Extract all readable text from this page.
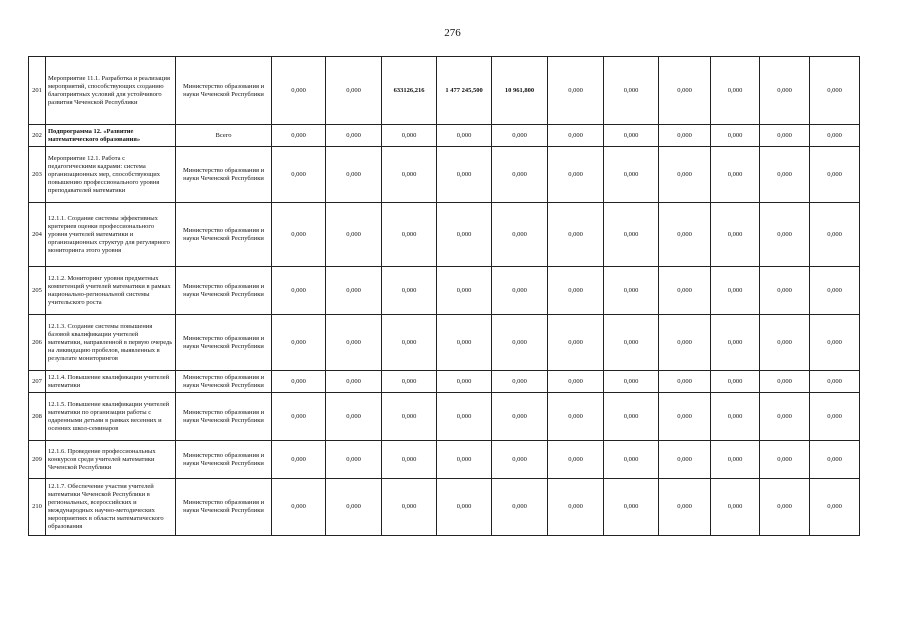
276
201	Мероприятие 11.1. Разработка и реализация мероприятий, способствующих созданию благоприятных условий для устойчивого развития Чеченской Республики	Министерство образования и науки Чеченской Республики	0,000	0,000	633126,216	1 477 245,500	10 961,800	0,000	0,000	0,000	0,000	0,000	0,000
202	Подпрограмма 12. «Развитие математического образования»	Всего	0,000	0,000	0,000	0,000	0,000	0,000	0,000	0,000	0,000	0,000	0,000
203	Мероприятие 12.1. Работа с педагогическими кадрами: система организационных мер, способствующих повышению профессионального уровня преподавателей математики	Министерство образования и науки Чеченской Республики	0,000	0,000	0,000	0,000	0,000	0,000	0,000	0,000	0,000	0,000	0,000
204	12.1.1. Создание системы эффективных критериев оценки профессионального уровня учителей математики и организационных структур для регулярного мониторинга этого уровня	Министерство образования и науки Чеченской Республики	0,000	0,000	0,000	0,000	0,000	0,000	0,000	0,000	0,000	0,000	0,000
205	12.1.2. Мониторинг уровня предметных компетенций учителей математики в рамках национально-региональной системы учительского роста	Министерство образования и науки Чеченской Республики	0,000	0,000	0,000	0,000	0,000	0,000	0,000	0,000	0,000	0,000	0,000
206	12.1.3. Создание системы повышения базовой квалификации учителей математики, направленной в первую очередь на ликвидацию пробелов, выявленных в результате мониторингов	Министерство образования и науки Чеченской Республики	0,000	0,000	0,000	0,000	0,000	0,000	0,000	0,000	0,000	0,000	0,000
207	12.1.4. Повышение квалификации учителей математики	Министерство образования и науки Чеченской Республики	0,000	0,000	0,000	0,000	0,000	0,000	0,000	0,000	0,000	0,000	0,000
208	12.1.5. Повышение квалификации учителей математики по организации работы с одаренными детьми в рамках весенних и осенних школ-семинаров	Министерство образования и науки Чеченской Республики	0,000	0,000	0,000	0,000	0,000	0,000	0,000	0,000	0,000	0,000	0,000
209	12.1.6. Проведение профессиональных конкурсов среди учителей математики Чеченской Республики	Министерство образования и науки Чеченской Республики	0,000	0,000	0,000	0,000	0,000	0,000	0,000	0,000	0,000	0,000	0,000
210	12.1.7. Обеспечение участия учителей математики Чеченской Республики в региональных, всероссийских и международных научно-методических мероприятиях в области математического образования	Министерство образования и науки Чеченской Республики	0,000	0,000	0,000	0,000	0,000	0,000	0,000	0,000	0,000	0,000	0,000
